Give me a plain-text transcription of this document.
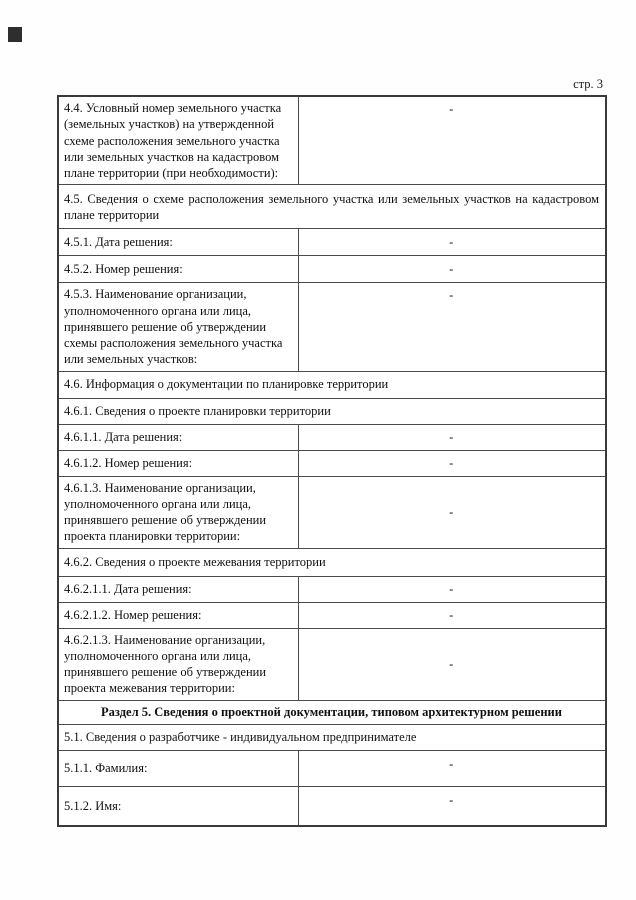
стр. 3
4.4. Условный номер земельного участка (земельных участков) на утвержденной схеме расположения земельного участка или земельных участков на кадастровом плане территории (при необходимости):	-
4.5. Сведения о схеме расположения земельного участка или земельных участков на кадастровом плане территории	
4.5.1. Дата решения:	-
4.5.2. Номер решения:	-
4.5.3. Наименование организации, уполномоченного органа или лица, принявшего решение об утверждении схемы расположения земельного участка или земельных участков:	-
4.6. Информация о документации по планировке территории	
4.6.1. Сведения о проекте планировки территории	
4.6.1.1. Дата решения:	-
4.6.1.2. Номер решения:	-
4.6.1.3. Наименование организации, уполномоченного органа или лица, принявшего решение об утверждении проекта планировки территории:	-
4.6.2. Сведения о проекте межевания территории	
4.6.2.1.1. Дата решения:	-
4.6.2.1.2. Номер решения:	-
4.6.2.1.3. Наименование организации, уполномоченного органа или лица, принявшего решение об утверждении проекта межевания территории:	-
Раздел 5. Сведения о проектной документации, типовом архитектурном решении	
5.1. Сведения о разработчике - индивидуальном предпринимателе	
5.1.1. Фамилия:	-
5.1.2. Имя:	-
